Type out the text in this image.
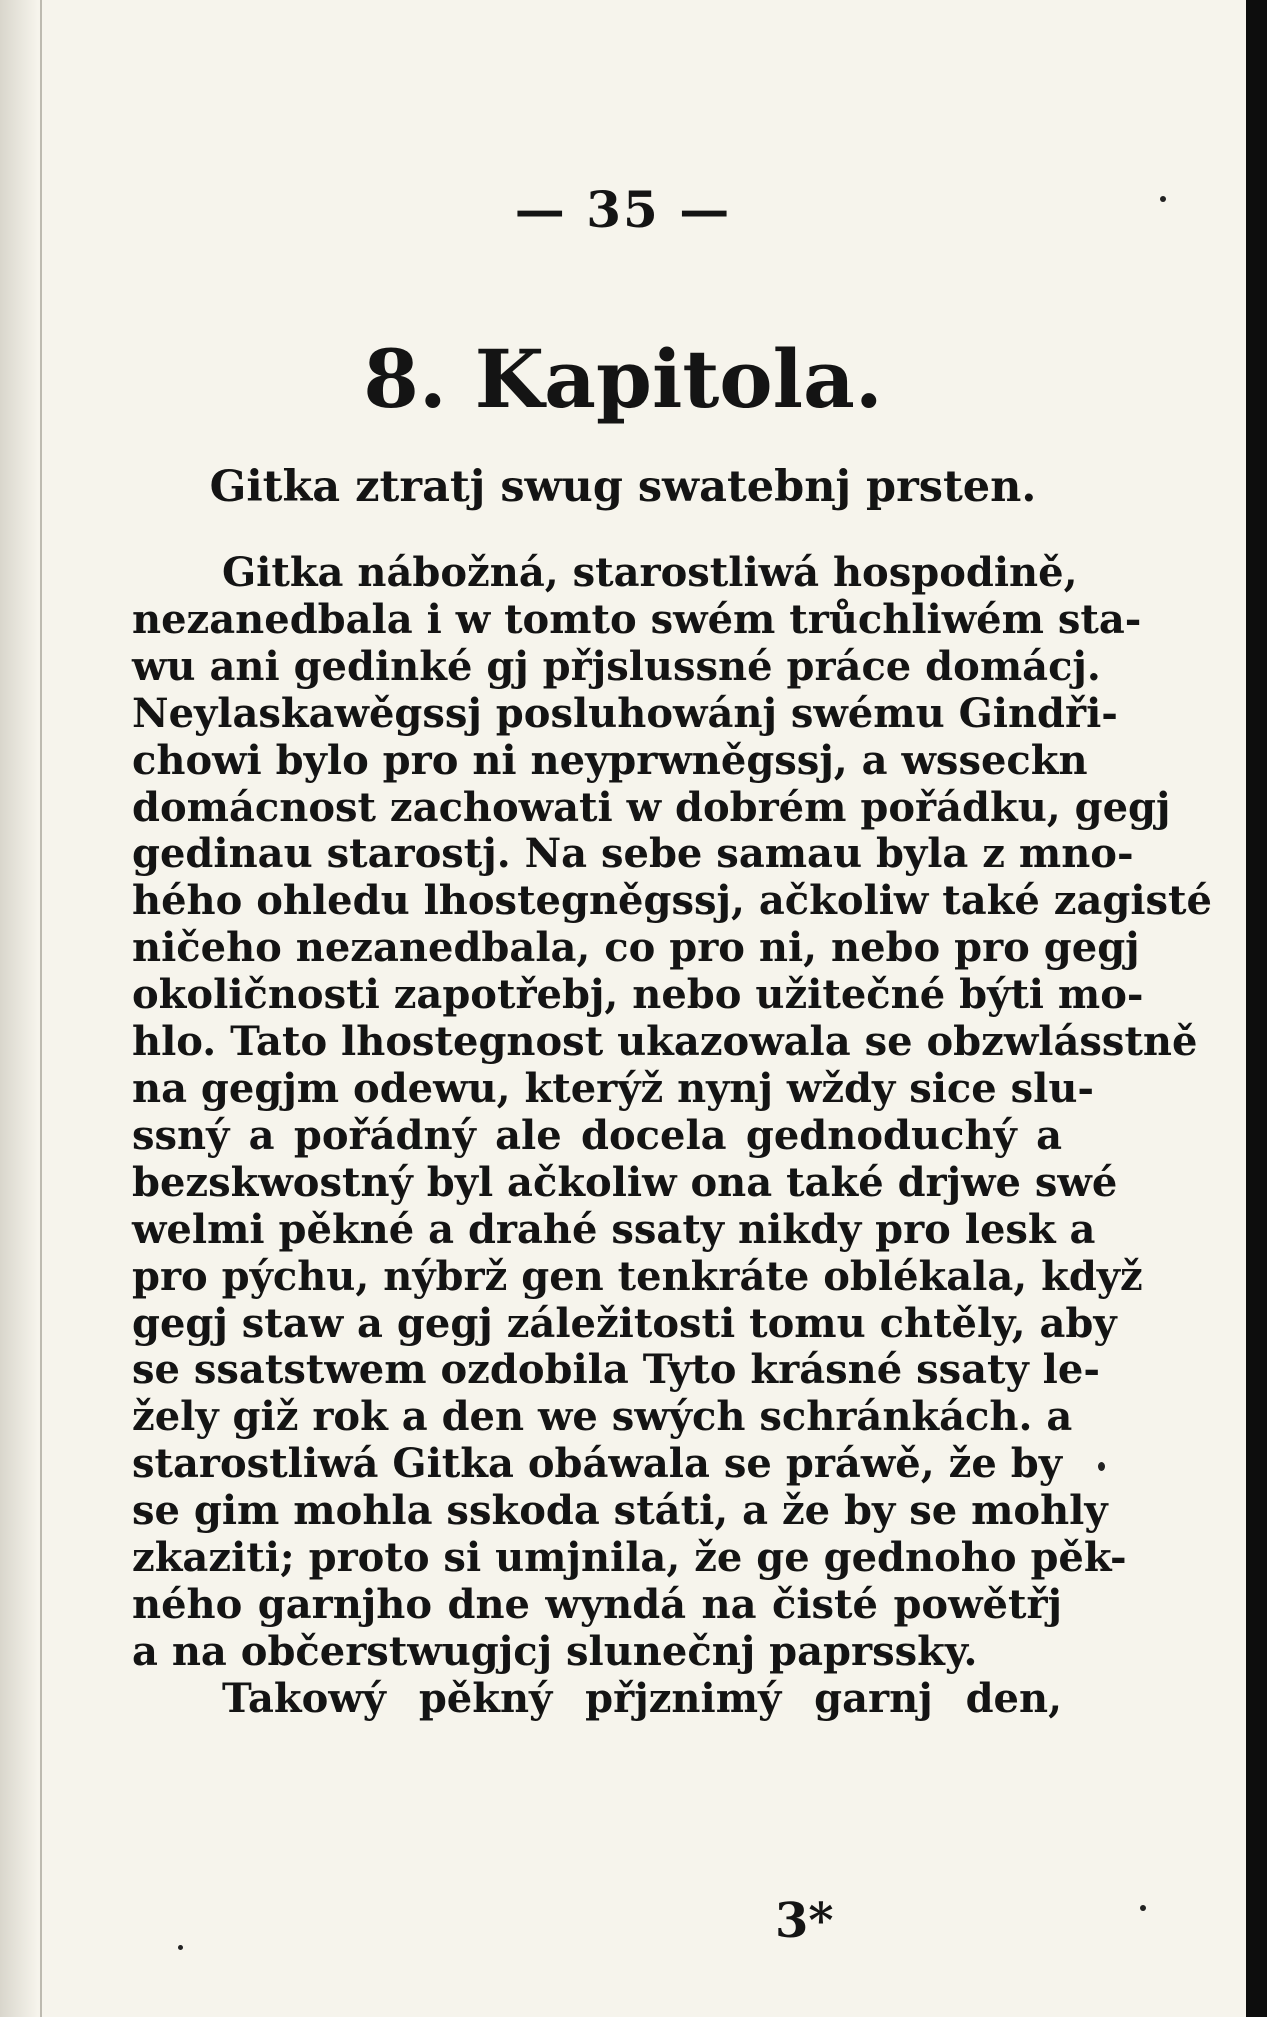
— 35 —
8. Kapitola.
Gitka ztratj swug swatebnj prsten.
Gitka nábožná, starostliwá hospodině,
nezanedbala i w tomto swém trůchliwém sta-
wu ani gedinké gj přjslussné práce domácj.
Neylaskawěgssj posluhowánj swému Gindři-
chowi bylo pro ni neyprwněgssj, a wsseckn
domácnost zachowati w dobrém pořádku, gegj
gedinau starostj. Na sebe samau byla z mno-
hého ohledu lhostegněgssj, ačkoliw také zagisté
ničeho nezanedbala, co pro ni, nebo pro gegj
okoličnosti zapotřebj, nebo užitečné býti mo-
hlo. Tato lhostegnost ukazowala se obzwlásstně
na gegjm odewu, kterýž nynj wždy sice slu-
ssný a pořádný ale docela gednoduchý a
bezskwostný byl ačkoliw ona také drjwe swé
welmi pěkné a drahé ssaty nikdy pro lesk a
pro pýchu, nýbrž gen tenkráte oblékala, když
gegj staw a gegj záležitosti tomu chtěly, aby
se ssatstwem ozdobila Tyto krásné ssaty le-
žely giž rok a den we swých schránkách. a
starostliwá Gitka obáwala se práwě, že by
se gim mohla sskoda státi, a že by se mohly
zkaziti; proto si umjnila, že ge gednoho pěk-
ného garnjho dne wyndá na čisté powětřj
a na občerstwugjcj slunečnj paprssky.
Takowý pěkný přjznimý garnj den,
3*
